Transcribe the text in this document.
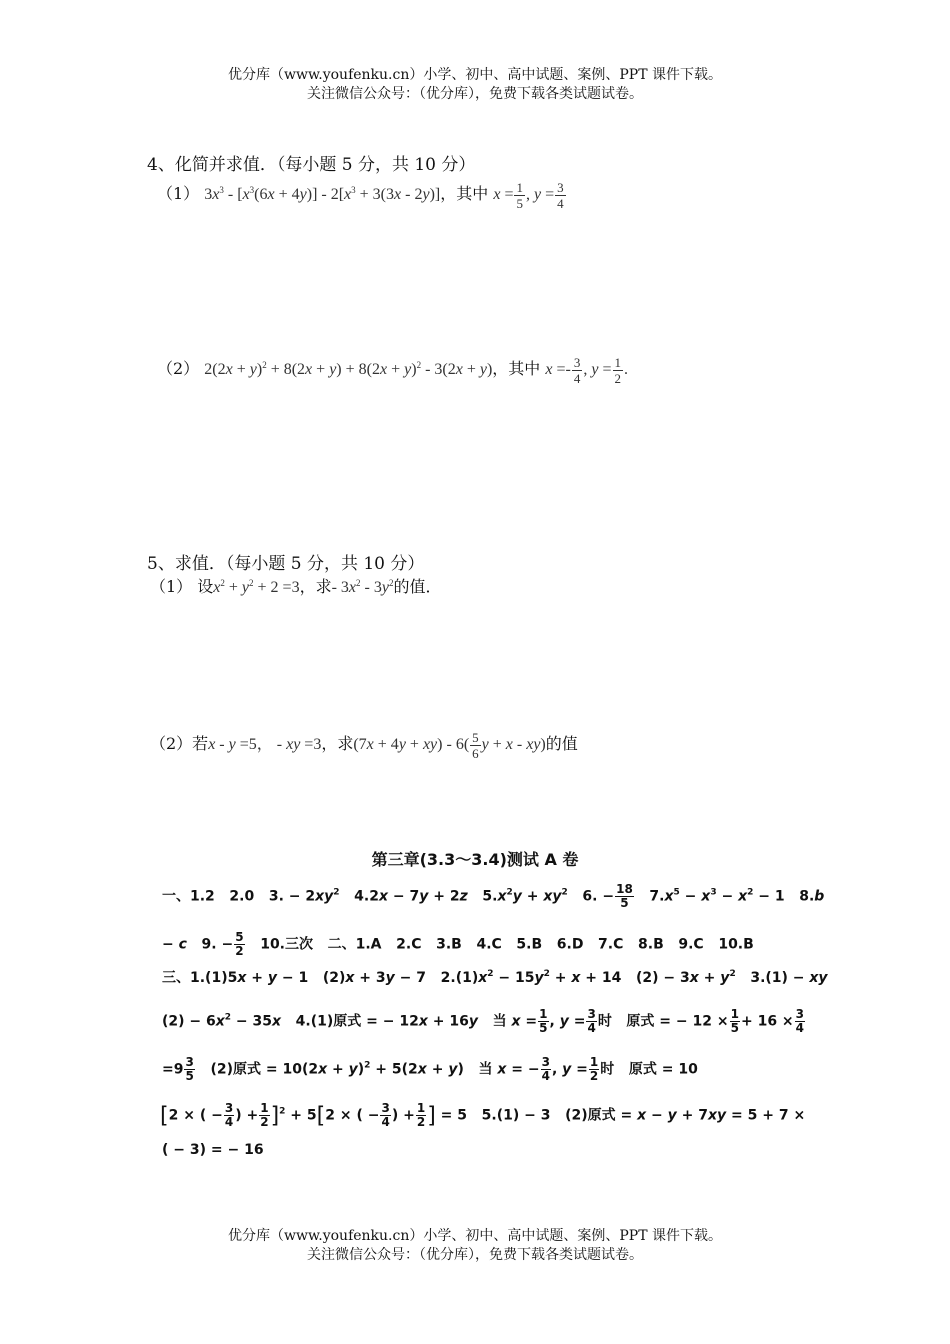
优分库（www.youfenku.cn）小学、初中、高中试题、案例、PPT 课件下载。
关注微信公众号：（优分库），免费下载各类试题试卷。
4、化简并求值．（每小题 5 分，共 10 分）
（1） $3x^3 - [x^3(6x + 4y)] - 2[x^3 + 3(3x - 2y)]$，其中 $x = \frac{1}{5}$ , $y = \frac{3}{4}$
（2） $2(2x + y)^2 + 8(2x + y) + 8(2x + y)^2 - 3(2x + y)$，其中 $x =- \frac{3}{4}$ , $y = \frac{1}{2}$ .
5、求值．（每小题 5 分，共 10 分）
（1） 设$x^2 + y^2 + 2 =3$，求- $3x^2 - 3y^2$的值．
（2）若x - y =5， - xy =3，求$(7x + 4y + xy) - 6( \frac{5}{6}$ y + x - xy)的值
第三章(3.3～3.4)测试 A 卷
一、1.2   2.0   3. − $2xy^2$   4.2x − 7y + 2z   $5.x^2y + xy^2$   6. − $\frac{18}{5} 7.x^5 - x^3 - x^2 - 1$   8.b
− c   9. − $\frac{5}{2} 10$.三次   二、1.A   2.C   3.B   4.C   5.B   6.D   7.C   8.B   9.C   10.B
三、1.(1)5x + y − 1   (2)x + 3y − 7   $2.(1)x^2 - 15y^2 + x + 14$   $(2) - 3x + y^2$   3.(1) − xy
$(2) - 6x^2 - 35x$   4.(1)原式 = − 12x + 16y   当 $x = \frac{1}{5}$ , $y = \frac{3}{4}$ 时   原式 = − $12 \times \frac{1}{5} + 16 \times \frac{3}{4}$
$=9 \frac{3}{5} (2)$原式 = $10(2x + y)^2 + 5(2x + y)$   当 x = − $\frac{3}{4}$ , $y = \frac{1}{2}$ 时   原式 = 10
[2 × ( − $\frac{3}{4}$ ) + $\frac{1}{2} ]^2 + 5[2$ × ( − $\frac{3}{4}$ ) + $\frac{1}{2}$ ] = 5   5.(1) − 3   (2)原式 = x − y + 7xy = 5 + 7 ×
( − 3) = − 16
优分库（www.youfenku.cn）小学、初中、高中试题、案例、PPT 课件下载。
关注微信公众号：（优分库），免费下载各类试题试卷。
